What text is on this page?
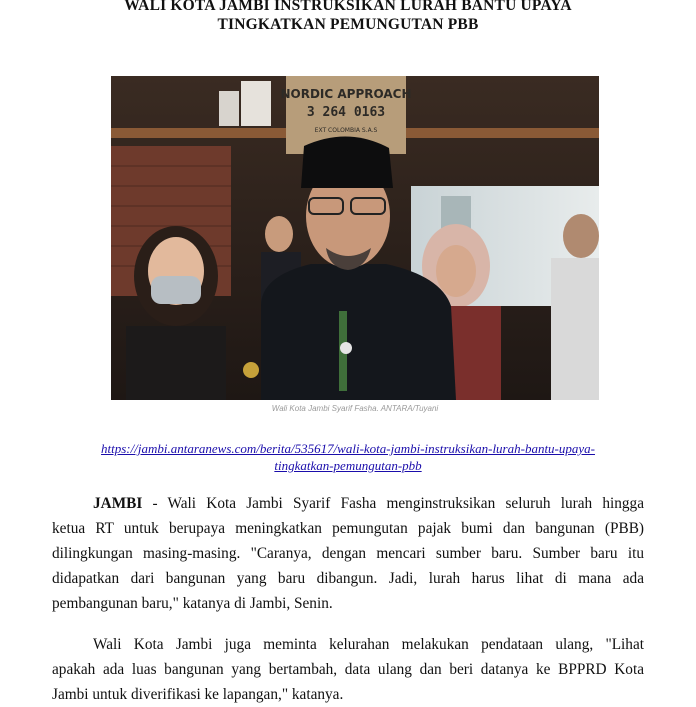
WALI KOTA JAMBI INSTRUKSIKAN LURAH BANTU UPAYA
TINGKATKAN PEMUNGUTAN PBB
NORDIC APPROACH
3 264 0163
EXT COLOMBIA S.A.S
Wali Kota Jambi Syarif Fasha. ANTARA/Tuyani
https://jambi.antaranews.com/berita/535617/wali-kota-jambi-instruksikan-lurah-bantu-upaya-
tingkatkan-pemungutan-pbb
JAMBI - Wali Kota Jambi Syarif Fasha menginstruksikan seluruh lurah hingga
ketua RT untuk berupaya meningkatkan pemungutan pajak bumi dan bangunan (PBB)
dilingkungan masing-masing. "Caranya, dengan mencari sumber baru. Sumber baru itu
didapatkan dari bangunan yang baru dibangun. Jadi, lurah harus lihat di mana ada
pembangunan baru," katanya di Jambi, Senin.
Wali Kota Jambi juga meminta kelurahan melakukan pendataan ulang, "Lihat
apakah ada luas bangunan yang bertambah, data ulang dan beri datanya ke BPPRD Kota
Jambi untuk diverifikasi ke lapangan," katanya.
